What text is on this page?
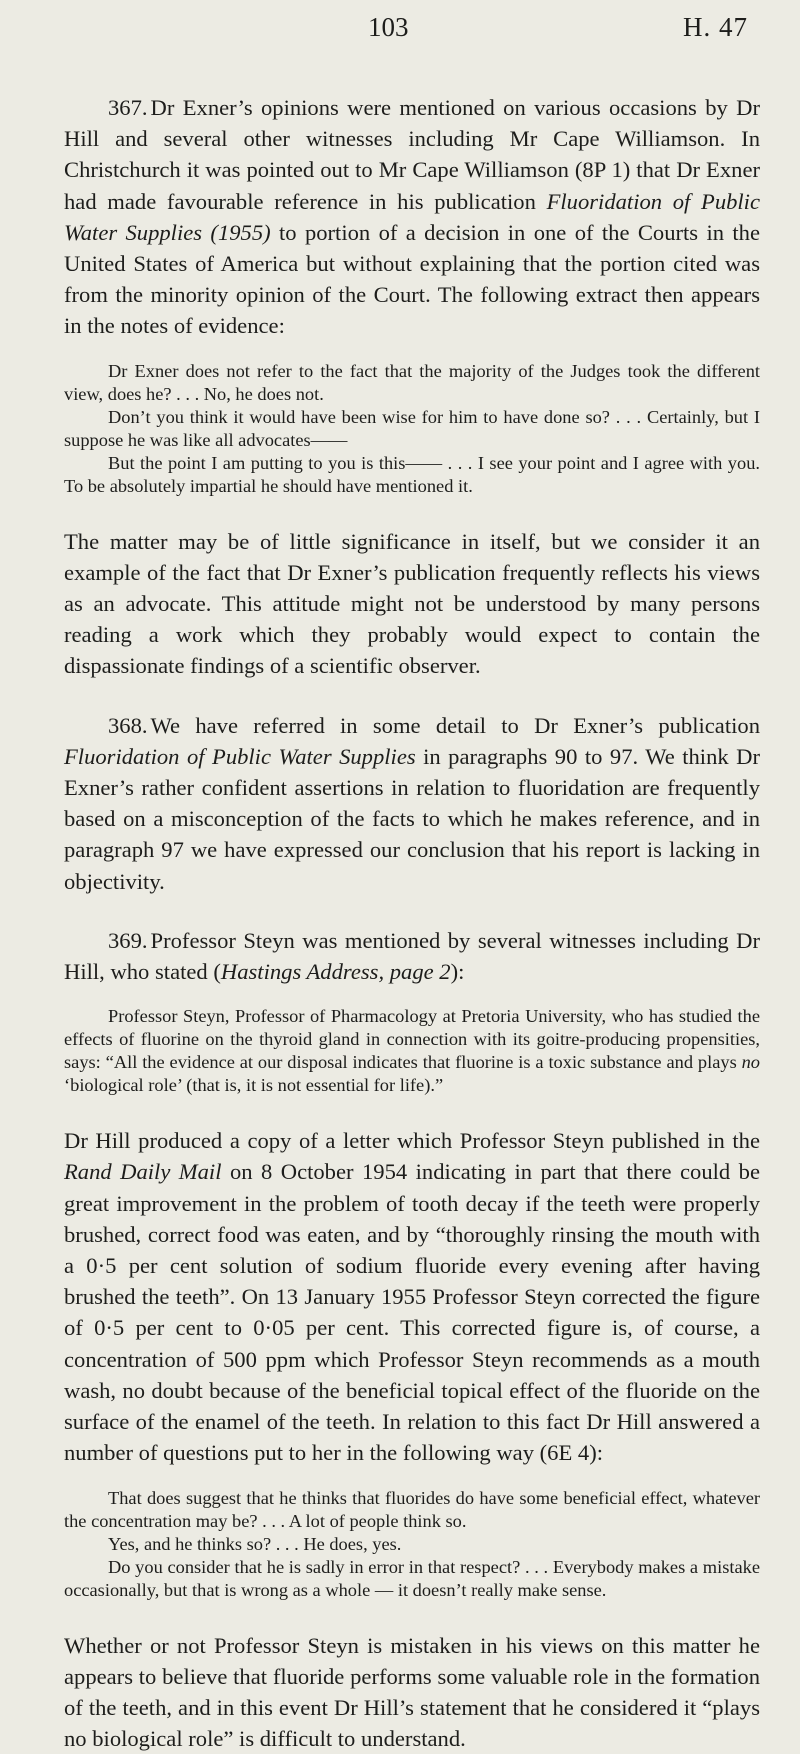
103	H. 47

367. Dr Exner’s opinions were mentioned on various occasions by Dr Hill and several other witnesses including Mr Cape Williamson. In Christchurch it was pointed out to Mr Cape Williamson (8P 1) that Dr Exner had made favourable reference in his publication Fluoridation of Public Water Supplies (1955) to portion of a decision in one of the Courts in the United States of America but without explaining that the portion cited was from the minority opinion of the Court. The following extract then appears in the notes of evidence:

Dr Exner does not refer to the fact that the majority of the Judges took the different view, does he? . . . No, he does not.

Don’t you think it would have been wise for him to have done so? . . . Certainly, but I suppose he was like all advocates——

But the point I am putting to you is this—— . . . I see your point and I agree with you. To be absolutely impartial he should have mentioned it.

The matter may be of little significance in itself, but we consider it an example of the fact that Dr Exner’s publication frequently reflects his views as an advocate. This attitude might not be understood by many persons reading a work which they probably would expect to contain the dispassionate findings of a scientific observer.

368. We have referred in some detail to Dr Exner’s publication Fluoridation of Public Water Supplies in paragraphs 90 to 97. We think Dr Exner’s rather confident assertions in relation to fluoridation are frequently based on a misconception of the facts to which he makes reference, and in paragraph 97 we have expressed our conclusion that his report is lacking in objectivity.

369. Professor Steyn was mentioned by several witnesses including Dr Hill, who stated (Hastings Address, page 2):

Professor Steyn, Professor of Pharmacology at Pretoria University, who has studied the effects of fluorine on the thyroid gland in connection with its goitre-producing propensities, says: “All the evidence at our disposal indicates that fluorine is a toxic substance and plays no ‘biological role’ (that is, it is not essential for life).”

Dr Hill produced a copy of a letter which Professor Steyn published in the Rand Daily Mail on 8 October 1954 indicating in part that there could be great improvement in the problem of tooth decay if the teeth were properly brushed, correct food was eaten, and by “thoroughly rinsing the mouth with a 0·5 per cent solution of sodium fluoride every evening after having brushed the teeth”. On 13 January 1955 Professor Steyn corrected the figure of 0·5 per cent to 0·05 per cent. This corrected figure is, of course, a concentration of 500 ppm which Professor Steyn recommends as a mouth wash, no doubt because of the beneficial topical effect of the fluoride on the surface of the enamel of the teeth. In relation to this fact Dr Hill answered a number of questions put to her in the following way (6E 4):

That does suggest that he thinks that fluorides do have some beneficial effect, whatever the concentration may be? . . . A lot of people think so.

Yes, and he thinks so? . . . He does, yes.

Do you consider that he is sadly in error in that respect? . . . Everybody makes a mistake occasionally, but that is wrong as a whole — it doesn’t really make sense.

Whether or not Professor Steyn is mistaken in his views on this matter he appears to believe that fluoride performs some valuable role in the formation of the teeth, and in this event Dr Hill’s statement that he considered it “plays no biological role” is difficult to understand.
